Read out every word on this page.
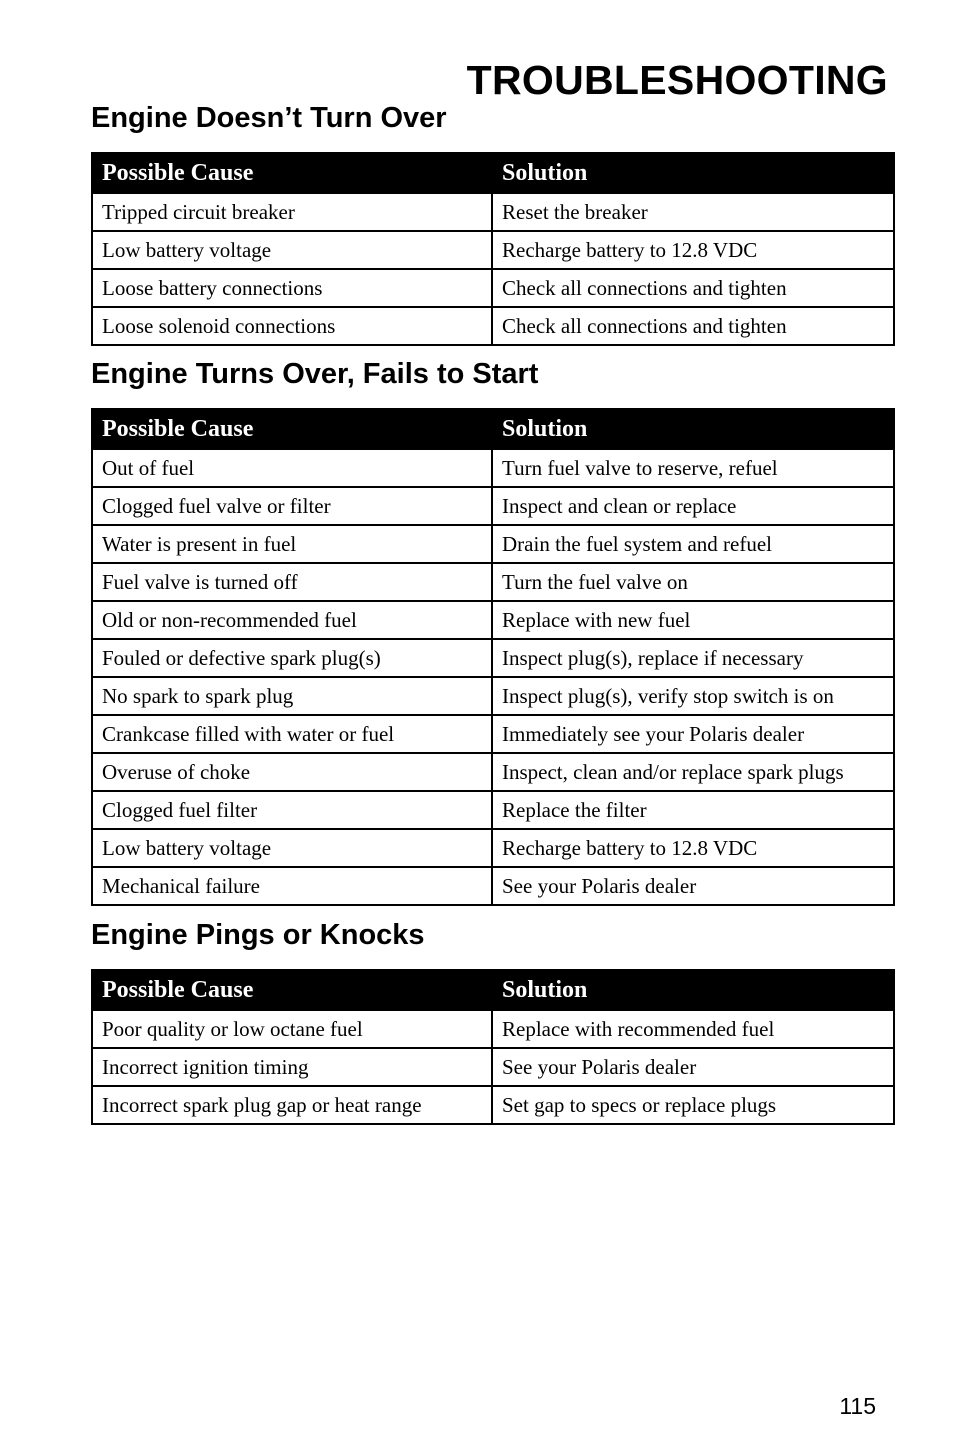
TROUBLESHOOTING
Engine Doesn’t Turn Over
Possible Cause	Solution
Tripped circuit breaker	Reset the breaker
Low battery voltage	Recharge battery to 12.8 VDC
Loose battery connections	Check all connections and tighten
Loose solenoid connections	Check all connections and tighten
Engine Turns Over, Fails to Start
Possible Cause	Solution
Out of fuel	Turn fuel valve to reserve, refuel
Clogged fuel valve or filter	Inspect and clean or replace
Water is present in fuel	Drain the fuel system and refuel
Fuel valve is turned off	Turn the fuel valve on
Old or non-recommended fuel	Replace with new fuel
Fouled or defective spark plug(s)	Inspect plug(s), replace if necessary
No spark to spark plug	Inspect plug(s), verify stop switch is on
Crankcase filled with water or fuel	Immediately see your Polaris dealer
Overuse of choke	Inspect, clean and/or replace spark plugs
Clogged fuel filter	Replace the filter
Low battery voltage	Recharge battery to 12.8 VDC
Mechanical failure	See your Polaris dealer
Engine Pings or Knocks
Possible Cause	Solution
Poor quality or low octane fuel	Replace with recommended fuel
Incorrect ignition timing	See your Polaris dealer
Incorrect spark plug gap or heat range	Set gap to specs or replace plugs
115
